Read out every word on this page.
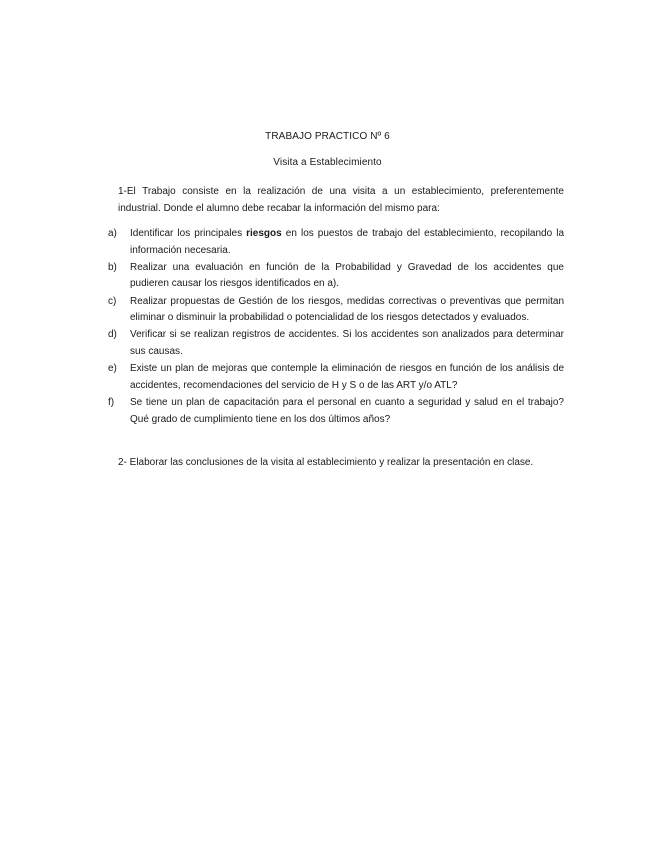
TRABAJO PRACTICO Nº 6
Visita a Establecimiento
1-El Trabajo consiste en la realización de una visita a un establecimiento, preferentemente industrial. Donde el alumno debe recabar la información del mismo para:
a) Identificar los principales riesgos en los puestos de trabajo del establecimiento, recopilando la información necesaria.
b) Realizar una evaluación en función de la Probabilidad y Gravedad de los accidentes que pudieren causar los riesgos identificados en a).
c) Realizar propuestas de Gestión de los riesgos, medidas correctivas o preventivas que permitan eliminar o disminuir la probabilidad o potencialidad de los riesgos detectados y evaluados.
d) Verificar si se realizan registros de accidentes. Si los accidentes son analizados para determinar sus causas.
e) Existe un plan de mejoras que contemple la eliminación de riesgos en función de los análisis de accidentes, recomendaciones del servicio de H y S o de las ART y/o ATL?
f) Se tiene un plan de capacitación para el personal en cuanto a seguridad y salud en el trabajo? Qué grado de cumplimiento tiene en los dos últimos años?
2- Elaborar las conclusiones de la visita al establecimiento y realizar la presentación en clase.
